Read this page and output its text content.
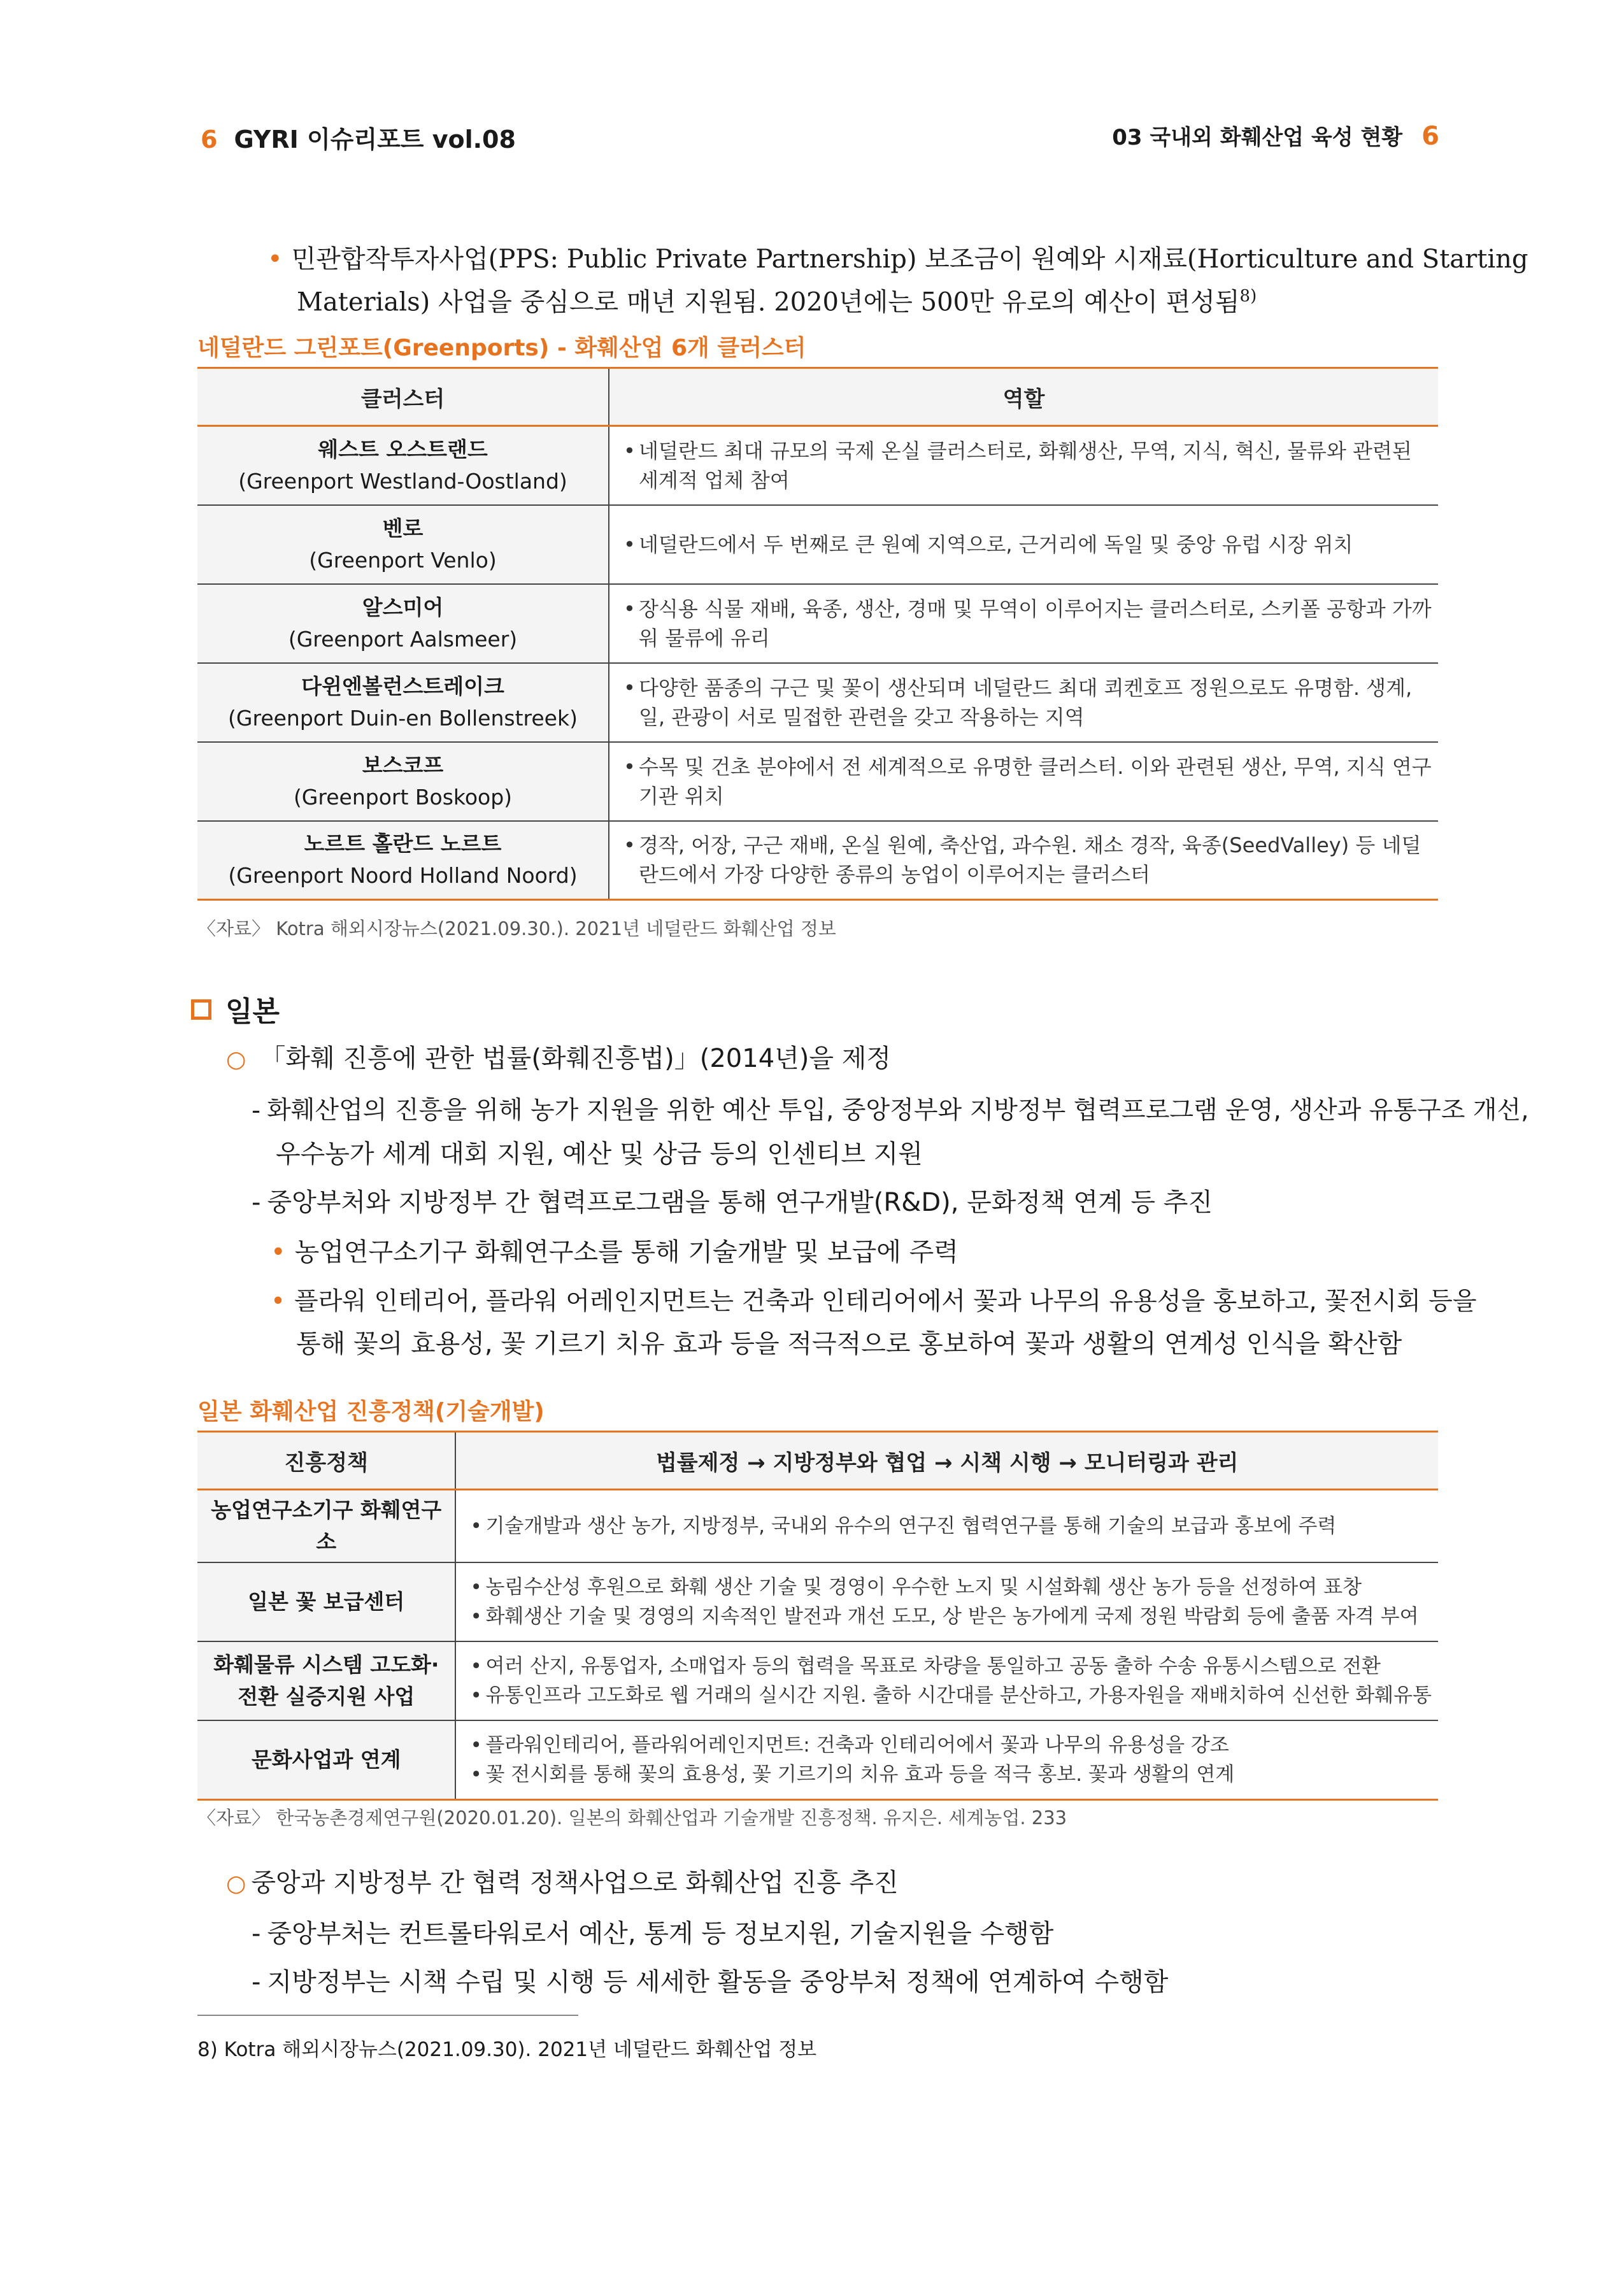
6 GYRI 이슈리포트 vol.08	03 국내외 화훼산업 육성 현황 6
• 민관합작투자사업(PPS: Public Private Partnership) 보조금이 원예와 시재료(Horticulture and Starting
Materials) 사업을 중심으로 매년 지원됨. 2020년에는 500만 유로의 예산이 편성됨$^{8)}$
네덜란드 그린포트(Greenports) - 화훼산업 6개 클러스터
클러스터	역할

웨스트 오스트랜드
(Greenport Westland-Oostland)	• 네덜란드 최대 규모의 국제 온실 클러스터로, 화훼생산, 무역, 지식, 혁신, 물류와 관련된 세계적 업체 참여

벤로
(Greenport Venlo)	• 네덜란드에서 두 번째로 큰 원예 지역으로, 근거리에 독일 및 중앙 유럽 시장 위치

알스미어
(Greenport Aalsmeer)	• 장식용 식물 재배, 육종, 생산, 경매 및 무역이 이루어지는 클러스터로, 스키폴 공항과 가까워 물류에 유리

다윈엔볼런스트레이크
(Greenport Duin-en Bollenstreek)	• 다양한 품종의 구근 및 꽃이 생산되며 네덜란드 최대 쾨켄호프 정원으로도 유명함. 생계, 일, 관광이 서로 밀접한 관련을 갖고 작용하는 지역

보스코프
(Greenport Boskoop)	• 수목 및 건초 분야에서 전 세계적으로 유명한 클러스터. 이와 관련된 생산, 무역, 지식 연구기관 위치

노르트 홀란드 노르트
(Greenport Noord Holland Noord)	• 경작, 어장, 구근 재배, 온실 원예, 축산업, 과수원. 채소 경작, 육종(SeedValley) 등 네덜란드에서 가장 다양한 종류의 농업이 이루어지는 클러스터
〈자료〉 Kotra 해외시장뉴스(2021.09.30.). 2021년 네덜란드 화훼산업 정보
일본
○ 「화훼 진흥에 관한 법률(화훼진흥법)」(2014년)을 제정
- 화훼산업의 진흥을 위해 농가 지원을 위한 예산 투입, 중앙정부와 지방정부 협력프로그램 운영, 생산과 유통구조 개선,
우수농가 세계 대회 지원, 예산 및 상금 등의 인센티브 지원
- 중앙부처와 지방정부 간 협력프로그램을 통해 연구개발(R&D), 문화정책 연계 등 추진
• 농업연구소기구 화훼연구소를 통해 기술개발 및 보급에 주력
• 플라워 인테리어, 플라워 어레인지먼트는 건축과 인테리어에서 꽃과 나무의 유용성을 홍보하고, 꽃전시회 등을
통해 꽃의 효용성, 꽃 기르기 치유 효과 등을 적극적으로 홍보하여 꽃과 생활의 연계성 인식을 확산함
일본 화훼산업 진흥정책(기술개발)
진흥정책	법률제정 → 지방정부와 협업 → 시책 시행 → 모니터링과 관리
농업연구소기구 화훼연구소	• 기술개발과 생산 농가, 지방정부, 국내외 유수의 연구진 협력연구를 통해 기술의 보급과 홍보에 주력

일본 꽃 보급센터	• 농림수산성 후원으로 화훼 생산 기술 및 경영이 우수한 노지 및 시설화훼 생산 농가 등을 선정하여 표창
• 화훼생산 기술 및 경영의 지속적인 발전과 개선 도모, 상 받은 농가에게 국제 정원 박람회 등에 출품 자격 부여

화훼물류 시스템 고도화·전환 실증지원 사업	• 여러 산지, 유통업자, 소매업자 등의 협력을 목표로 차량을 통일하고 공동 출하 수송 유통시스템으로 전환
• 유통인프라 고도화로 웹 거래의 실시간 지원. 출하 시간대를 분산하고, 가용자원을 재배치하여 신선한 화훼유통

문화사업과 연계	• 플라워인테리어, 플라워어레인지먼트: 건축과 인테리어에서 꽃과 나무의 유용성을 강조
• 꽃 전시회를 통해 꽃의 효용성, 꽃 기르기의 치유 효과 등을 적극 홍보. 꽃과 생활의 연계
〈자료〉 한국농촌경제연구원(2020.01.20). 일본의 화훼산업과 기술개발 진흥정책. 유지은. 세계농업. 233
○ 중앙과 지방정부 간 협력 정책사업으로 화훼산업 진흥 추진
- 중앙부처는 컨트롤타워로서 예산, 통계 등 정보지원, 기술지원을 수행함
- 지방정부는 시책 수립 및 시행 등 세세한 활동을 중앙부처 정책에 연계하여 수행함
8) Kotra 해외시장뉴스(2021.09.30). 2021년 네덜란드 화훼산업 정보
